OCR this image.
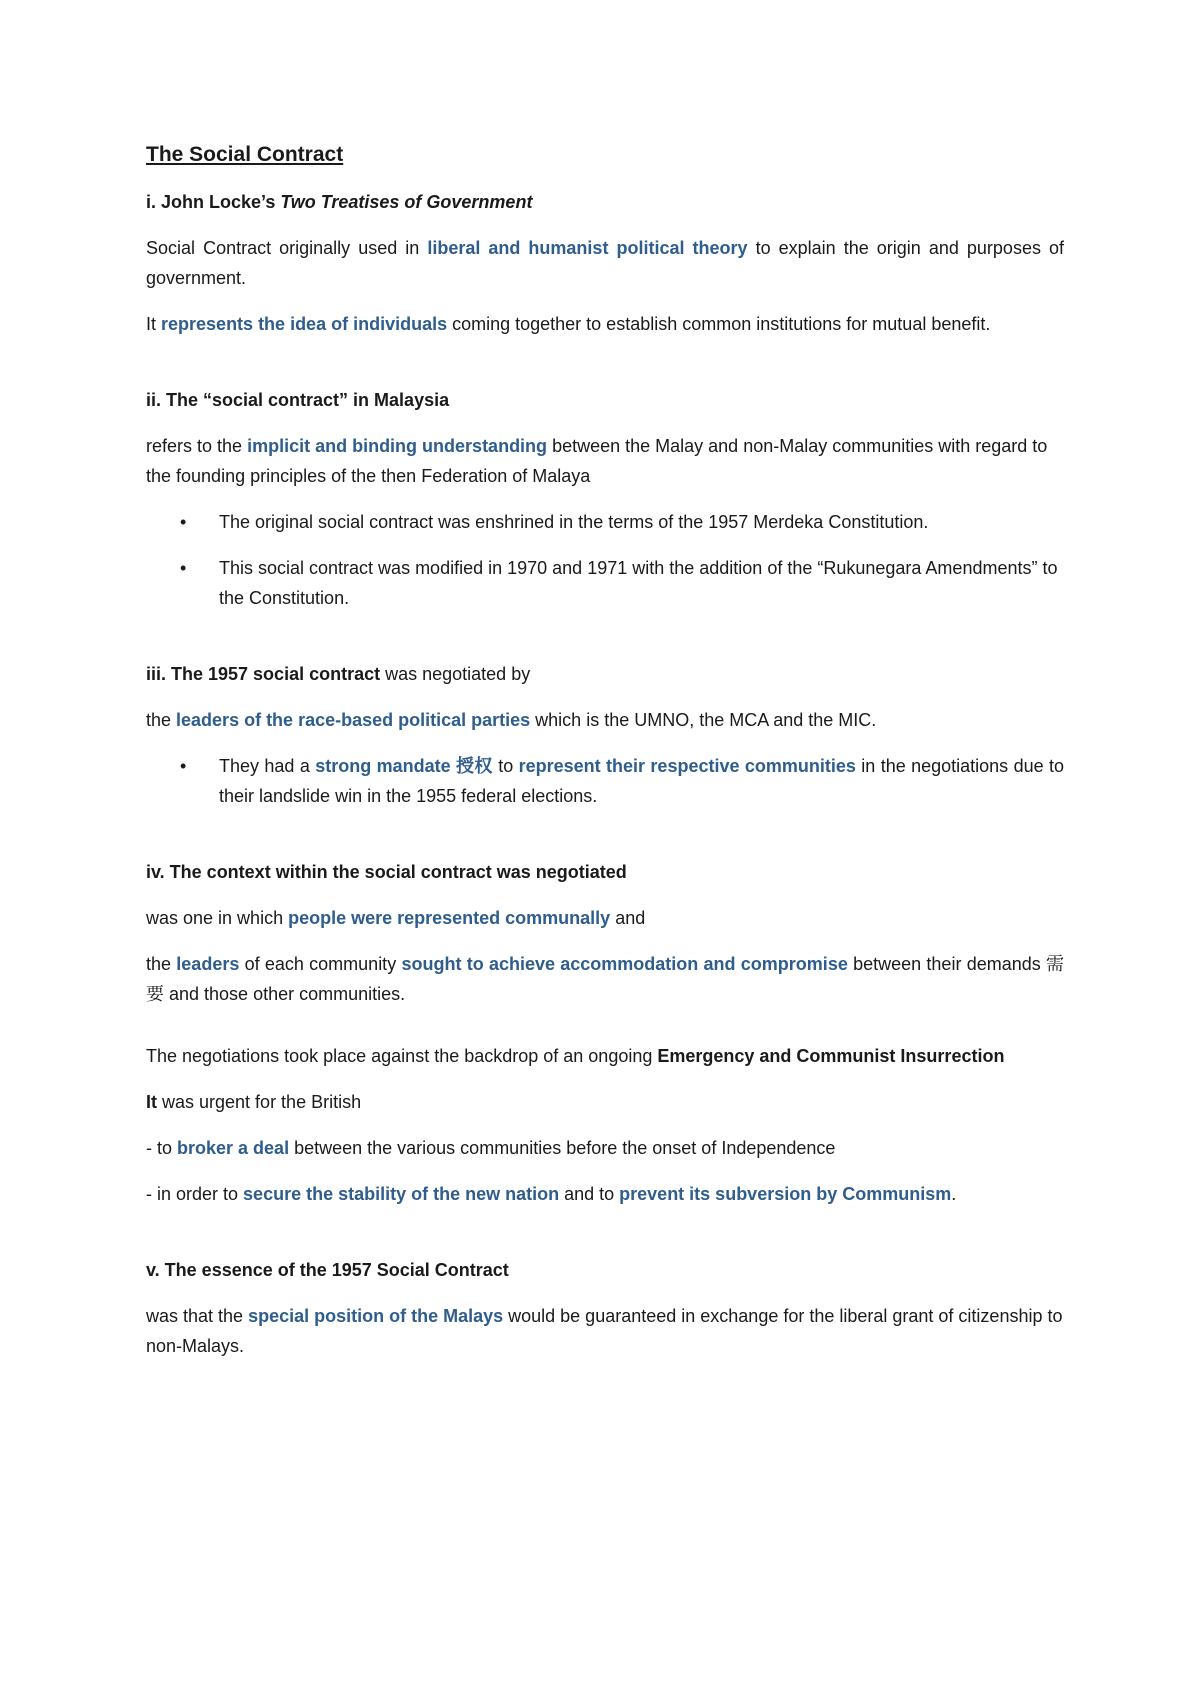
The Social Contract

i. John Locke’s Two Treatises of Government

Social Contract originally used in liberal and humanist political theory to explain the origin and purposes of government.

It represents the idea of individuals coming together to establish common institutions for mutual benefit.

ii. The “social contract” in Malaysia

refers to the implicit and binding understanding between the Malay and non-Malay communities with regard to the founding principles of the then Federation of Malaya

• The original social contract was enshrined in the terms of the 1957 Merdeka Constitution.
• This social contract was modified in 1970 and 1971 with the addition of the “Rukunegara Amendments” to the Constitution.

iii. The 1957 social contract was negotiated by

the leaders of the race-based political parties which is the UMNO, the MCA and the MIC.

• They had a strong mandate 授权 to represent their respective communities in the negotiations due to their landslide win in the 1955 federal elections.

iv. The context within the social contract was negotiated

was one in which people were represented communally and

the leaders of each community sought to achieve accommodation and compromise between their demands 需要 and those other communities.

The negotiations took place against the backdrop of an ongoing Emergency and Communist Insurrection

It was urgent for the British

- to broker a deal between the various communities before the onset of Independence

- in order to secure the stability of the new nation and to prevent its subversion by Communism.

v. The essence of the 1957 Social Contract

was that the special position of the Malays would be guaranteed in exchange for the liberal grant of citizenship to non-Malays.
